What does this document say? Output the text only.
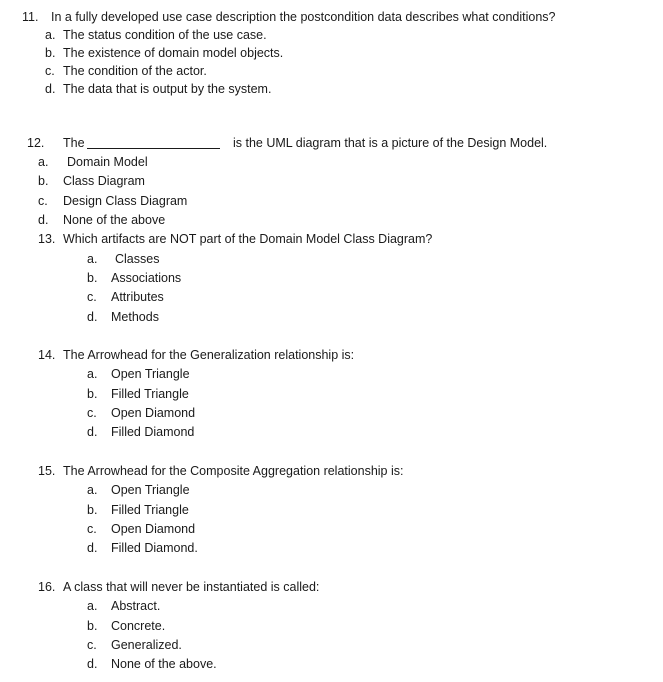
11. In a fully developed use case description the postcondition data describes what conditions?
a. The status condition of the use case.
b. The existence of domain model objects.
c. The condition of the actor.
d. The data that is output by the system.
12. The	is the UML diagram that is a picture of the Design Model.
a. Domain Model
b. Class Diagram
c. Design Class Diagram
d. None of the above
13. Which artifacts are NOT part of the Domain Model Class Diagram?
a. Classes
b. Associations
c. Attributes
d. Methods
14. The Arrowhead for the Generalization relationship is:
a. Open Triangle
b. Filled Triangle
c. Open Diamond
d. Filled Diamond
15. The Arrowhead for the Composite Aggregation relationship is:
a. Open Triangle
b. Filled Triangle
c. Open Diamond
d. Filled Diamond.
16. A class that will never be instantiated is called:
a. Abstract.
b. Concrete.
c. Generalized.
d. None of the above.
